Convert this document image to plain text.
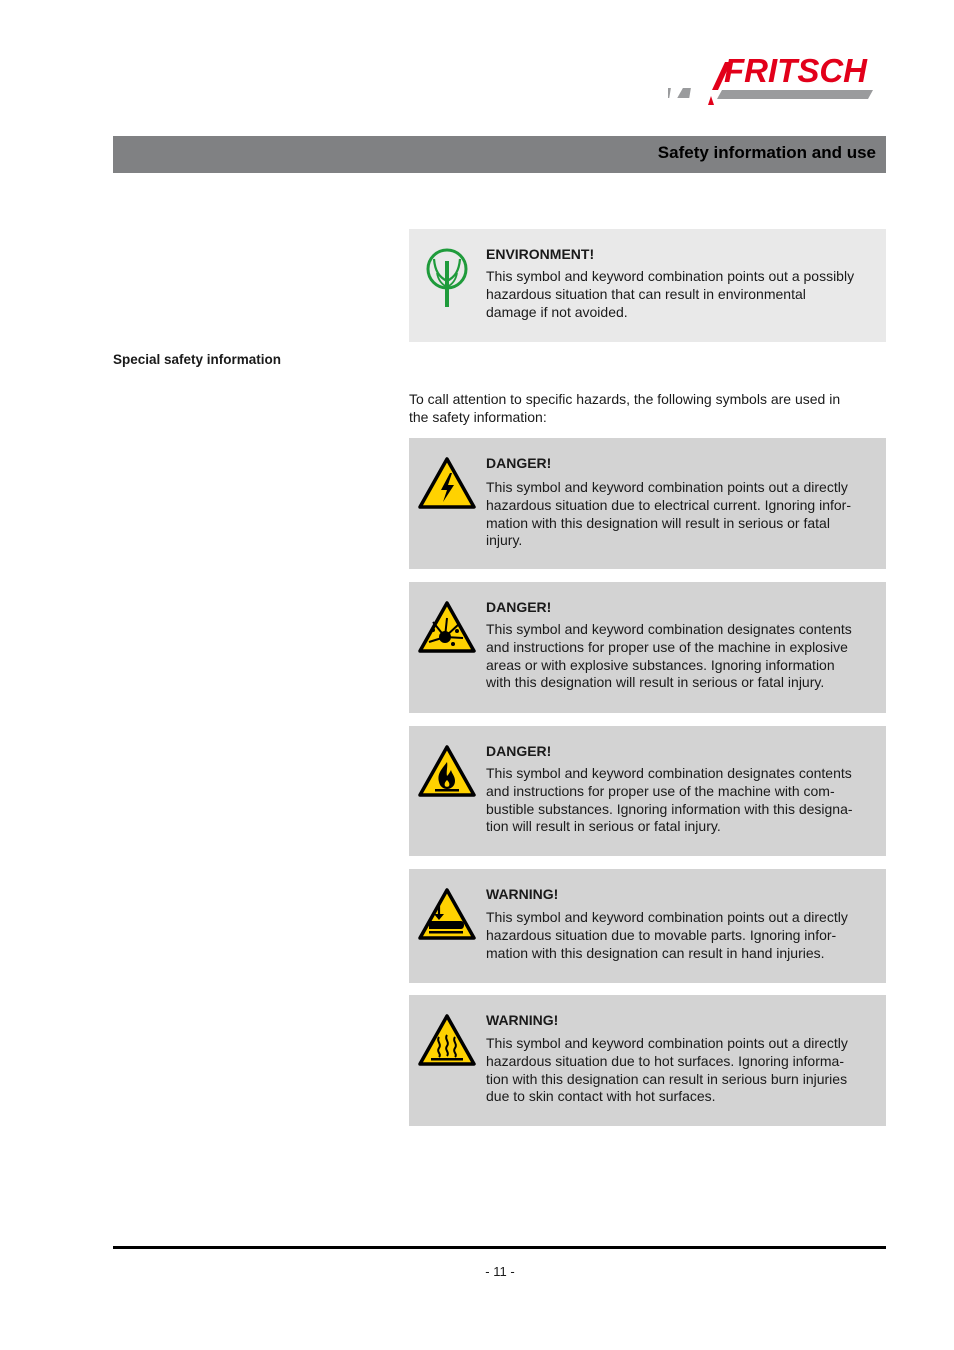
FRITSCH
Safety information and use
ENVIRONMENT!
This symbol and keyword combination points out a possibly
hazardous situation that can result in environmental
damage if not avoided.
Special safety information
To call attention to specific hazards, the following symbols are used in
the safety information:
DANGER!
This symbol and keyword combination points out a directly
hazardous situation due to electrical current. Ignoring infor-
mation with this designation will result in serious or fatal
injury.
DANGER!
This symbol and keyword combination designates contents
and instructions for proper use of the machine in explosive
areas or with explosive substances. Ignoring information
with this designation will result in serious or fatal injury.
DANGER!
This symbol and keyword combination designates contents
and instructions for proper use of the machine with com-
bustible substances. Ignoring information with this designa-
tion will result in serious or fatal injury.
WARNING!
This symbol and keyword combination points out a directly
hazardous situation due to movable parts. Ignoring infor-
mation with this designation can result in hand injuries.
WARNING!
This symbol and keyword combination points out a directly
hazardous situation due to hot surfaces. Ignoring informa-
tion with this designation can result in serious burn injuries
due to skin contact with hot surfaces.
- 11 -
